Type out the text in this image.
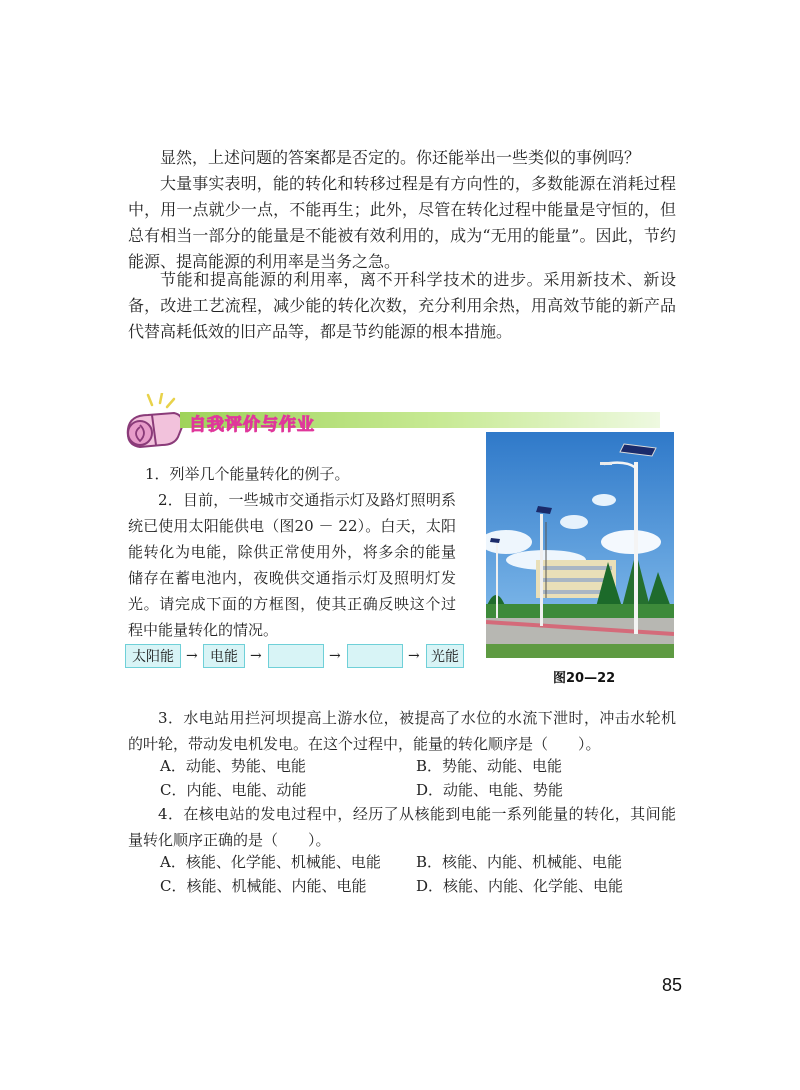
显然，上述问题的答案都是否定的。你还能举出一些类似的事例吗？
大量事实表明，能的转化和转移过程是有方向性的，多数能源在消耗过程中，用一点就少一点，不能再生；此外，尽管在转化过程中能量是守恒的，但总有相当一部分的能量是不能被有效利用的，成为“无用的能量”。因此，节约能源、提高能源的利用率是当务之急。
节能和提高能源的利用率，离不开科学技术的进步。采用新技术、新设备，改进工艺流程，减少能的转化次数，充分利用余热，用高效节能的新产品代替高耗低效的旧产品等，都是节约能源的根本措施。
自我评价与作业
图20—22
1．列举几个能量转化的例子。
2．目前，一些城市交通指示灯及路灯照明系统已使用太阳能供电（图20 － 22）。白天，太阳能转化为电能，除供正常使用外，将多余的能量储存在蓄电池内，夜晚供交通指示灯及照明灯发光。请完成下面的方框图，使其正确反映这个过程中能量转化的情况。
太阳能 → 电能 →	→	→ 光能
3．水电站用拦河坝提高上游水位，被提高了水位的水流下泄时，冲击水轮机的叶轮，带动发电机发电。在这个过程中，能量的转化顺序是（　　）。
A．动能、势能、电能	B．势能、动能、电能
C．内能、电能、动能	D．动能、电能、势能
4．在核电站的发电过程中，经历了从核能到电能一系列能量的转化，其间能量转化顺序正确的是（　　）。
A．核能、化学能、机械能、电能 B．核能、内能、机械能、电能
C．核能、机械能、内能、电能	D．核能、内能、化学能、电能
85
